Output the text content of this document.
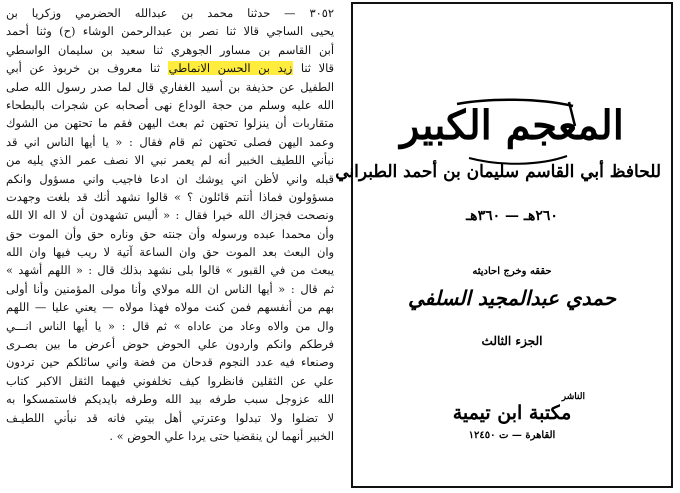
٣٠٥٢ — حدثنا محمد بن عبدالله الحضرمي وزكريا بن

يحيى الساجي قالا ثنا نصر بن عبدالرحمن الوشاء (ح) وثنا أحمد

أبن القاسم بن مساور الجوهري ثنا سعيد بن سليمان الواسطي

قالا ثنا زيد بن الحسن الانماطي ثنا معروف بن خربوذ عن أبي

الطفيل عن حذيفة بن أسيد الغفاري قال لما صدر رسول الله صلى

الله عليه وسلم من حجة الوداع نهى أصحابه عن شجرات بالبطحاء

متقاربات أن ينزلوا تحتهن ثم بعث اليهن فقم ما تحتهن من الشوك

وعمد اليهن فصلى تحتهن ثم قام فقال : « يا أيها الناس اني قد

نبأني اللطيف الخبير أنه لم يعمر نبي الا نصف عمر الذي يليه من

قبله واني لأظن اني يوشك ان ادعا فاجيب واني مسؤول وانكم

مسؤولون فماذا أنتم قائلون ؟ » قالوا نشهد أنك قد بلغت وجهدت

ونصحت فجزاك الله خيرا فقال : « أليس تشهدون أن لا اله الا الله

وأن محمدا عبده ورسوله وأن جنته حق وناره حق وأن الموت حق

وان البعث بعد الموت حق وان الساعة آتية لا ريب فيها وان الله

يبعث من في القبور » قالوا بلى نشهد بذلك قال : « اللهم أشهد »

ثم قال : « أيها الناس ان الله مولاي وأنا مولى المؤمنين وأنا أولى

بهم من أنفسهم فمن كنت مولاه فهذا مولاه — يعني عليا — اللهم

وال من والاه وعاد من عاداه » ثم قال : « يا أيها الناس انـــي

فرطكم وانكم واردون علي الحوض حوض أعرض ما بين بصـرى

وصنعاء فيه عدد النجوم قدحان من فضة واني سائلكم حين تردون

علي عن الثقلين فانظروا كيف تخلفوني فيهما الثقل الاكبر كتاب

الله عزوجل سبب طرفه بيد الله وطرفه بايديكم فاستمسكوا به

لا تضلوا ولا تبدلوا وعترتي أهل بيتي فانه قد نبأني اللطيـف

الخبير أنهما لن ينقضيا حتى يردا علي الحوض » .

المعجم الكبير
للحافظ أبي القاسم سليمان بن أحمد الطبراني
٢٦٠هـ — ٣٦٠هـ
حققه وخرج احاديثه
حمدي عبدالمجيد السلفي
الجزء الثالث
الناشر
مكتبة ابن تيمية
القاهرة — ت ١٢٤٥٠
